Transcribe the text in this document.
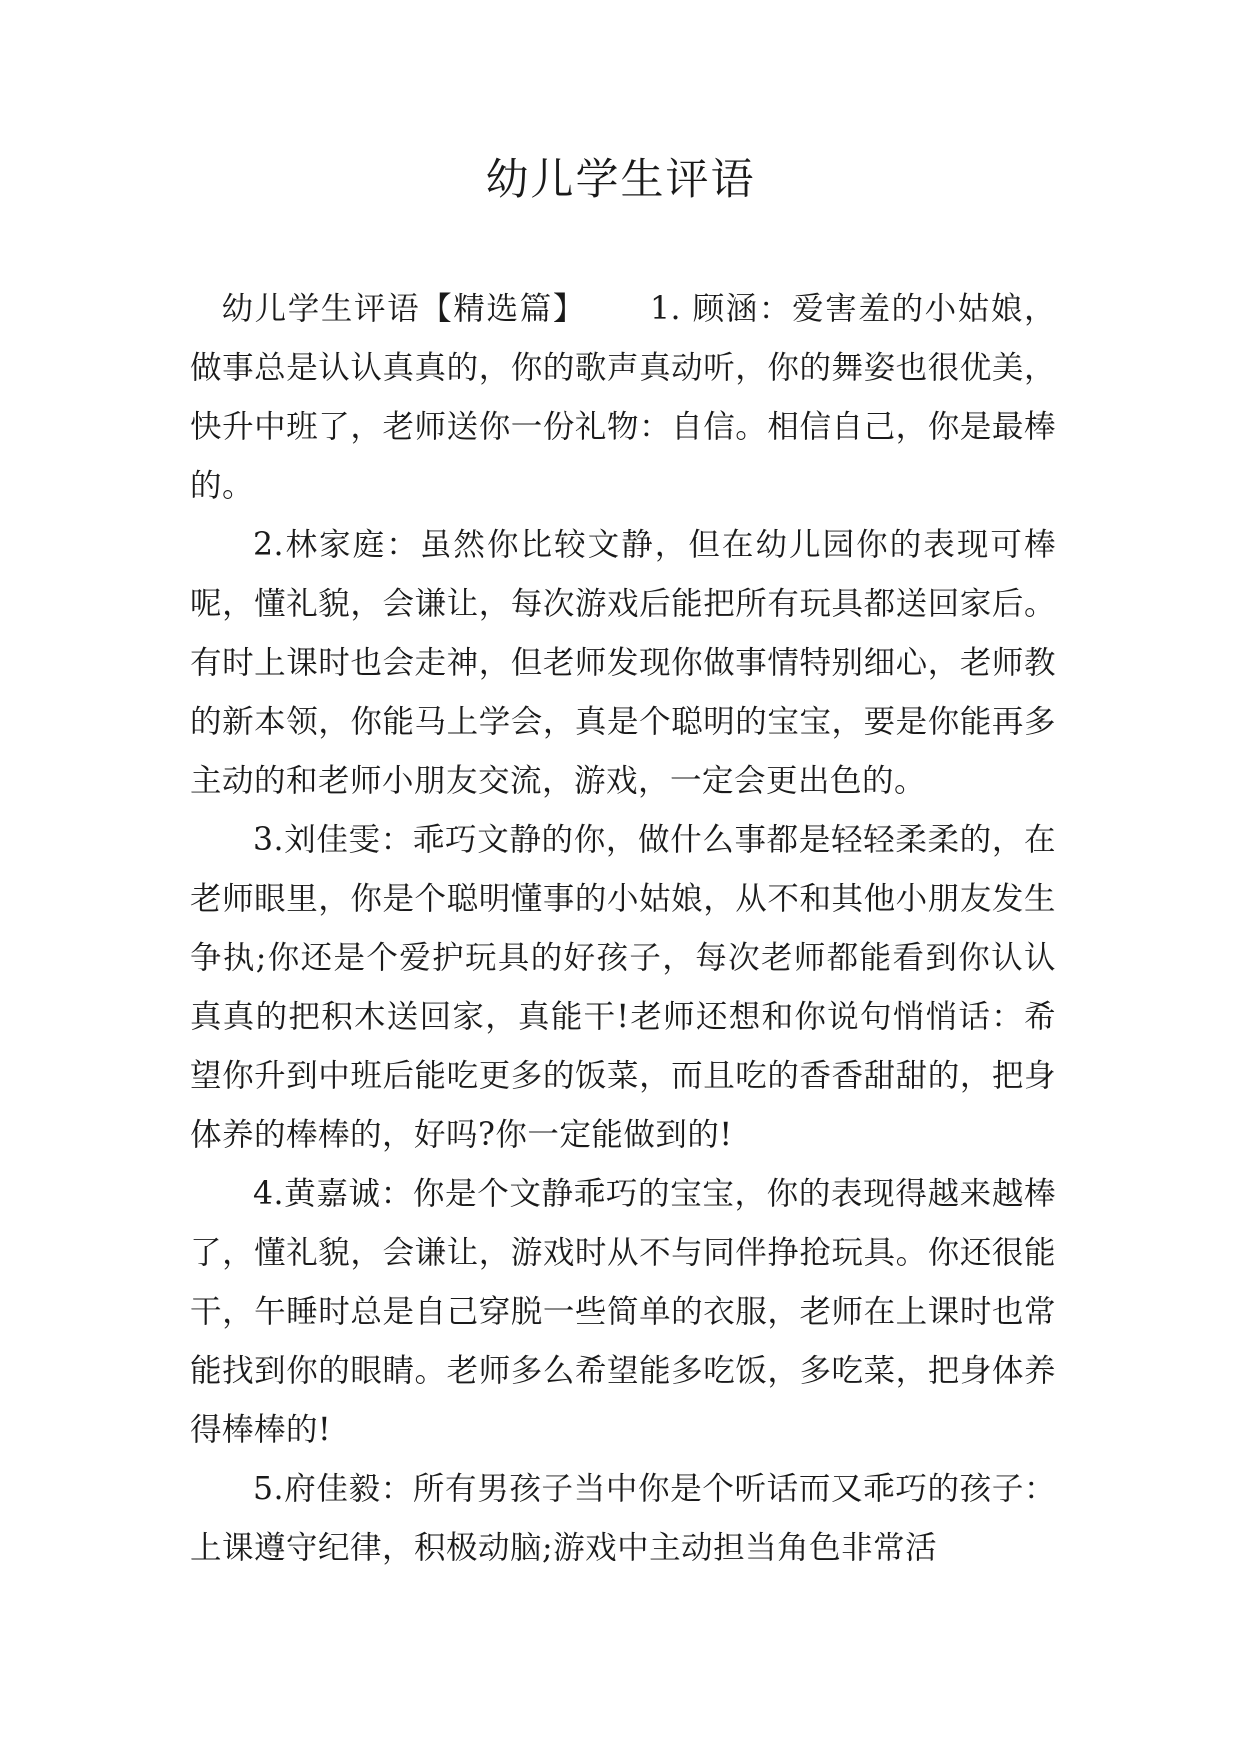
幼儿学生评语

幼儿学生评语【精选篇】 1. 顾涵：爱害羞的小姑娘，做事总是认认真真的，你的歌声真动听，你的舞姿也很优美，快升中班了，老师送你一份礼物：自信。相信自己，你是最棒的。

2.林家庭：虽然你比较文静，但在幼儿园你的表现可棒呢，懂礼貌，会谦让，每次游戏后能把所有玩具都送回家后。有时上课时也会走神，但老师发现你做事情特别细心，老师教的新本领，你能马上学会，真是个聪明的宝宝，要是你能再多主动的和老师小朋友交流，游戏，一定会更出色的。

3.刘佳雯：乖巧文静的你，做什么事都是轻轻柔柔的，在老师眼里，你是个聪明懂事的小姑娘，从不和其他小朋友发生争执;你还是个爱护玩具的好孩子，每次老师都能看到你认认真真的把积木送回家，真能干!老师还想和你说句悄悄话：希望你升到中班后能吃更多的饭菜，而且吃的香香甜甜的，把身体养的棒棒的，好吗?你一定能做到的!

4.黄嘉诚：你是个文静乖巧的宝宝，你的表现得越来越棒了，懂礼貌，会谦让，游戏时从不与同伴挣抢玩具。你还很能干，午睡时总是自己穿脱一些简单的衣服，老师在上课时也常能找到你的眼睛。老师多么希望能多吃饭，多吃菜，把身体养得棒棒的!

5.府佳毅：所有男孩子当中你是个听话而又乖巧的孩子：上课遵守纪律，积极动脑;游戏中主动担当角色非常活
